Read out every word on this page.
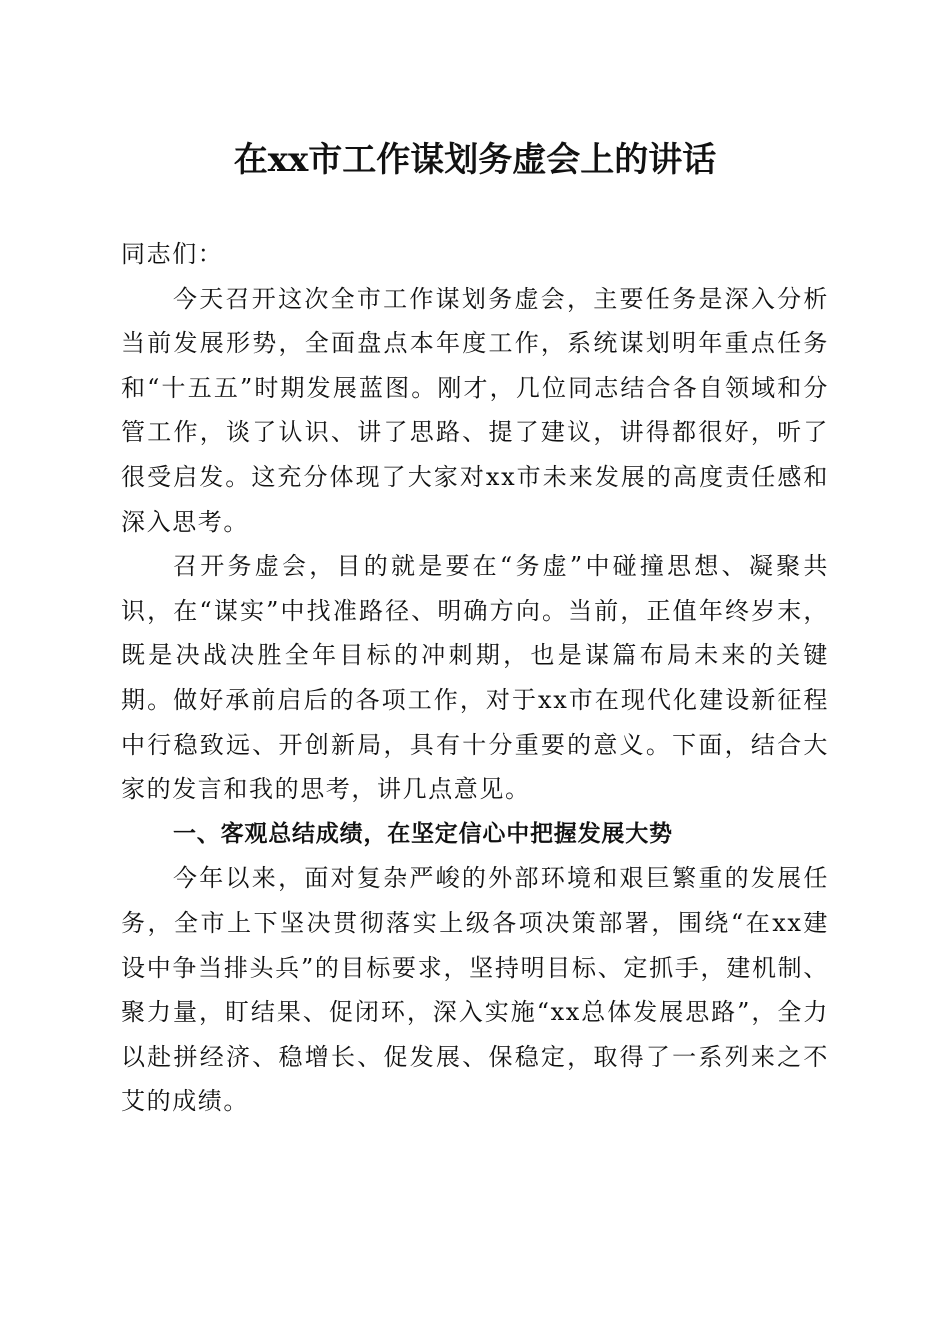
在xx市工作谋划务虚会上的讲话

同志们：

今天召开这次全市工作谋划务虚会，主要任务是深入分析当前发展形势，全面盘点本年度工作，系统谋划明年重点任务和“十五五”时期发展蓝图。刚才，几位同志结合各自领域和分管工作，谈了认识、讲了思路、提了建议，讲得都很好，听了很受启发。这充分体现了大家对xx市未来发展的高度责任感和深入思考。

召开务虚会，目的就是要在“务虚”中碰撞思想、凝聚共识，在“谋实”中找准路径、明确方向。当前，正值年终岁末，既是决战决胜全年目标的冲刺期，也是谋篇布局未来的关键期。做好承前启后的各项工作，对于xx市在现代化建设新征程中行稳致远、开创新局，具有十分重要的意义。下面，结合大家的发言和我的思考，讲几点意见。

一、客观总结成绩，在坚定信心中把握发展大势

今年以来，面对复杂严峻的外部环境和艰巨繁重的发展任务，全市上下坚决贯彻落实上级各项决策部署，围绕“在xx建设中争当排头兵”的目标要求，坚持明目标、定抓手，建机制、聚力量，盯结果、促闭环，深入实施“xx总体发展思路”，全力以赴拼经济、稳增长、促发展、保稳定，取得了一系列来之不艾的成绩。
